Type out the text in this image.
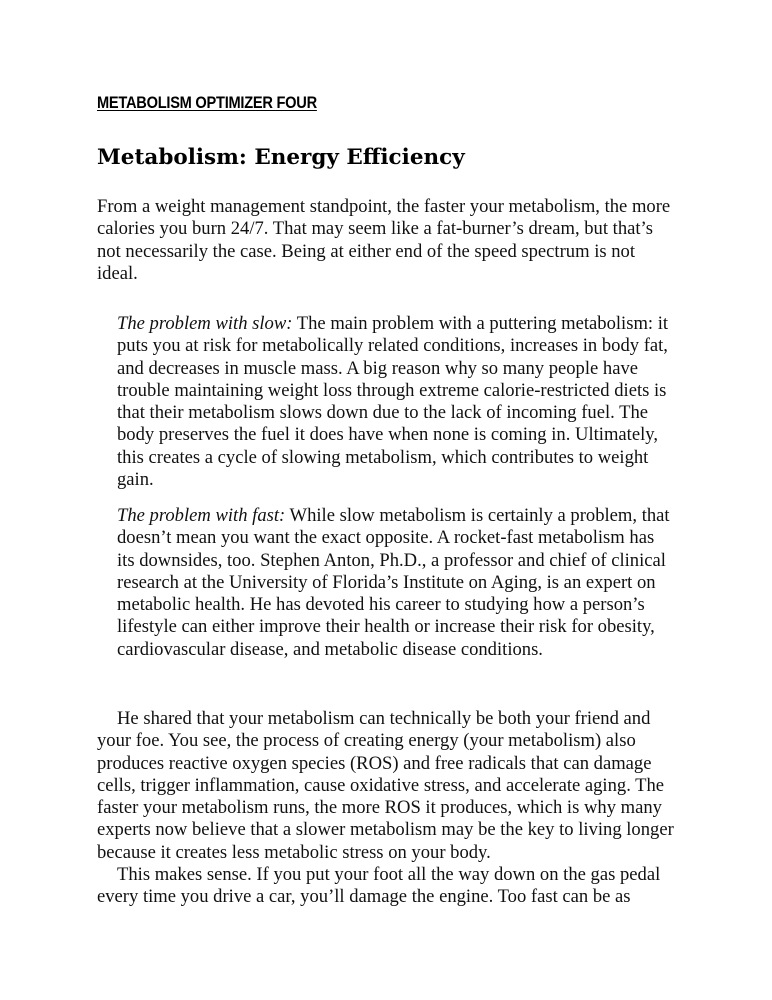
METABOLISM OPTIMIZER FOUR
Metabolism: Energy Efficiency

From a weight management standpoint, the faster your metabolism, the more calories you burn 24/7. That may seem like a fat-burner’s dream, but that’s not necessarily the case. Being at either end of the speed spectrum is not ideal.

The problem with slow: The main problem with a puttering metabolism: it puts you at risk for metabolically related conditions, increases in body fat, and decreases in muscle mass. A big reason why so many people have trouble maintaining weight loss through extreme calorie-restricted diets is that their metabolism slows down due to the lack of incoming fuel. The body preserves the fuel it does have when none is coming in. Ultimately, this creates a cycle of slowing metabolism, which contributes to weight gain.

The problem with fast: While slow metabolism is certainly a problem, that doesn’t mean you want the exact opposite. A rocket-fast metabolism has its downsides, too. Stephen Anton, Ph.D., a professor and chief of clinical research at the University of Florida’s Institute on Aging, is an expert on metabolic health. He has devoted his career to studying how a person’s lifestyle can either improve their health or increase their risk for obesity, cardiovascular disease, and metabolic disease conditions.

He shared that your metabolism can technically be both your friend and your foe. You see, the process of creating energy (your metabolism) also produces reactive oxygen species (ROS) and free radicals that can damage cells, trigger inflammation, cause oxidative stress, and accelerate aging. The faster your metabolism runs, the more ROS it produces, which is why many experts now believe that a slower metabolism may be the key to living longer because it creates less metabolic stress on your body.

This makes sense. If you put your foot all the way down on the gas pedal every time you drive a car, you’ll damage the engine. Too fast can be as
